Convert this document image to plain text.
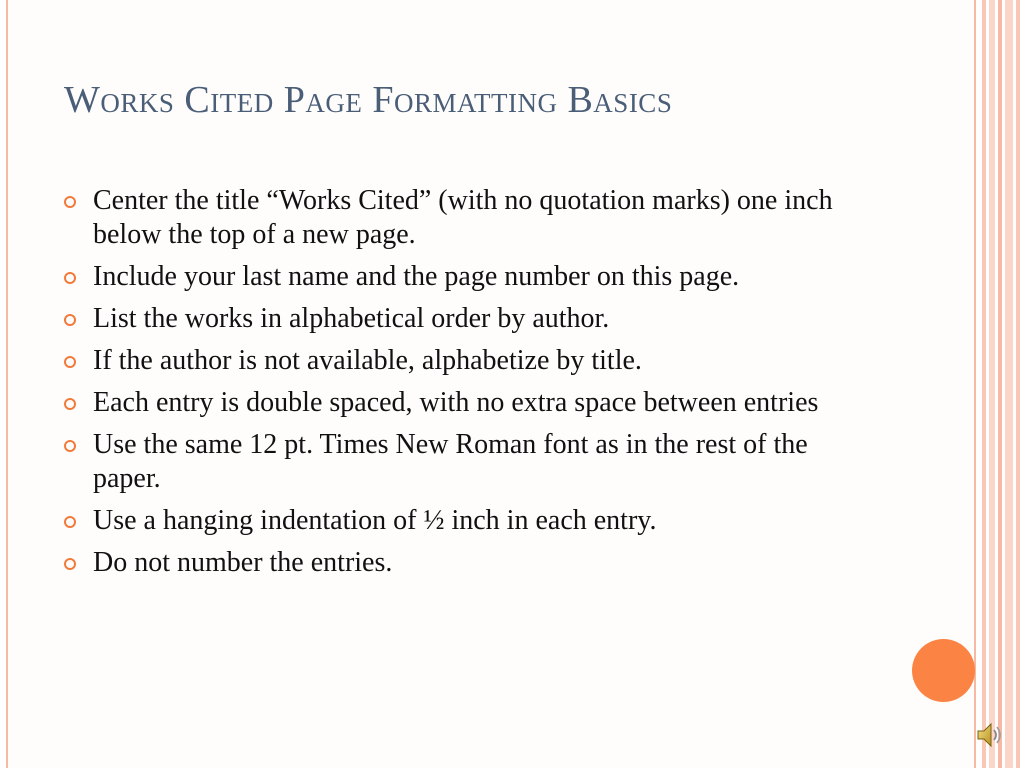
Works Cited Page Formatting Basics
Center the title “Works Cited” (with no quotation marks) one inch below the top of a new page.
Include your last name and the page number on this page.
List the works in alphabetical order by author.
If the author is not available, alphabetize by title.
Each entry is double spaced, with no extra space between entries
Use the same 12 pt. Times New Roman font as in the rest of the paper.
Use a hanging indentation of ½ inch in each entry.
Do not number the entries.
